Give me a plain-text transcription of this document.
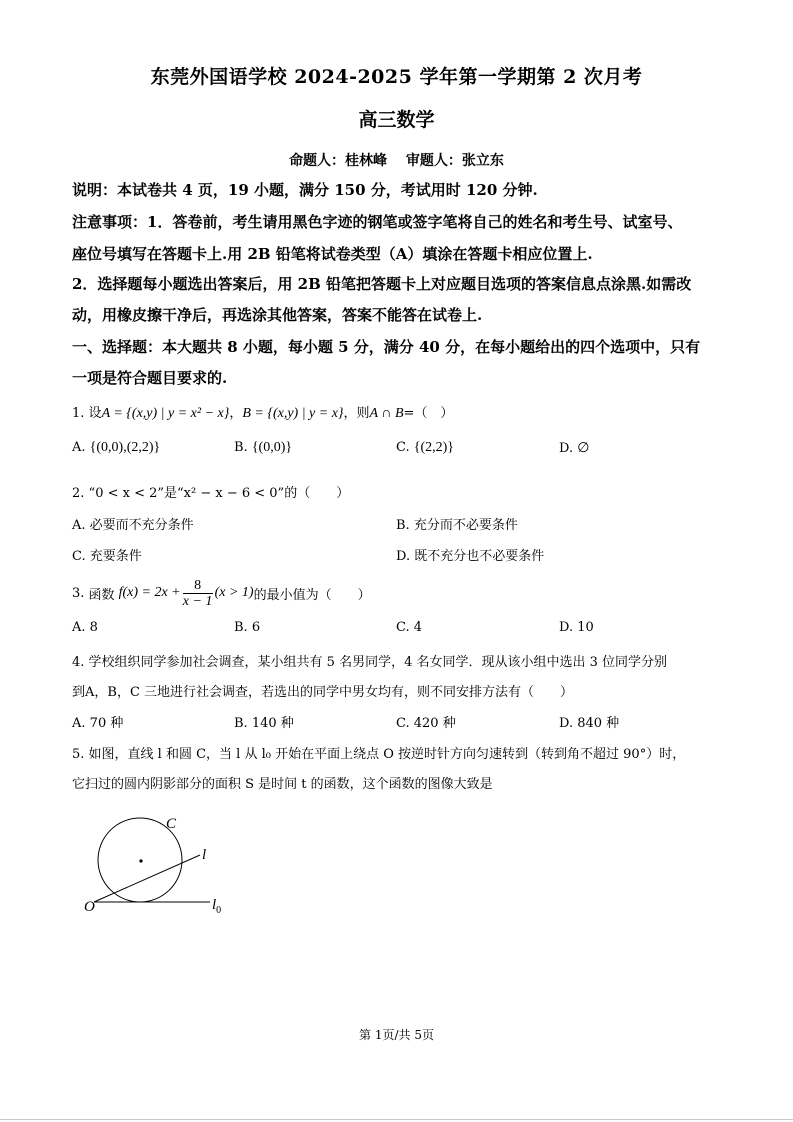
东莞外国语学校 2024-2025 学年第一学期第 2 次月考
高三数学
命题人：桂林峰　 审题人：张立东
说明：本试卷共 4 页，19 小题，满分 150 分，考试用时 120 分钟.
注意事项：1．答卷前，考生请用黑色字迹的钢笔或签字笔将自己的姓名和考生号、试室号、
座位号填写在答题卡上.用 2B 铅笔将试卷类型（A）填涂在答题卡相应位置上.
2．选择题每小题选出答案后，用 2B 铅笔把答题卡上对应题目选项的答案信息点涂黑.如需改
动，用橡皮擦干净后，再选涂其他答案，答案不能答在试卷上.
一、选择题：本大题共 8 小题，每小题 5 分，满分 40 分，在每小题给出的四个选项中，只有
一项是符合题目要求的.
1. 设A = {(x,y) | y = x² − x}，B = {(x,y) | y = x}，则A ∩ B=（　）
A. {(0,0),(2,2)}	B. {(0,0)}	C. {(2,2)}	D. ∅
2. “0 < x < 2”是“x² − x − 6 < 0”的（　　）
A. 必要而不充分条件	B. 充分而不必要条件
C. 充要条件	D. 既不充分也不必要条件
3.
函数 f(x) = 2x + 8
x − 1
(x > 1) 的最小值为（　　）
A. 8	B. 6	C. 4	D. 10
4. 学校组织同学参加社会调查，某小组共有 5 名男同学，4 名女同学．现从该小组中选出 3 位同学分别
到A，B，C 三地进行社会调查，若选出的同学中男女均有，则不同安排方法有（　　）
A. 70 种	B. 140 种	C. 420 种	D. 840 种
5. 如图，直线 l 和圆 C，当 l 从 l₀ 开始在平面上绕点 O 按逆时针方向匀速转到（转到角不超过 90°）时，
它扫过的圆内阴影部分的面积 S 是时间 t 的函数，这个函数的图像大致是
C
l
O	$l_0$
第 1页/共 5页
